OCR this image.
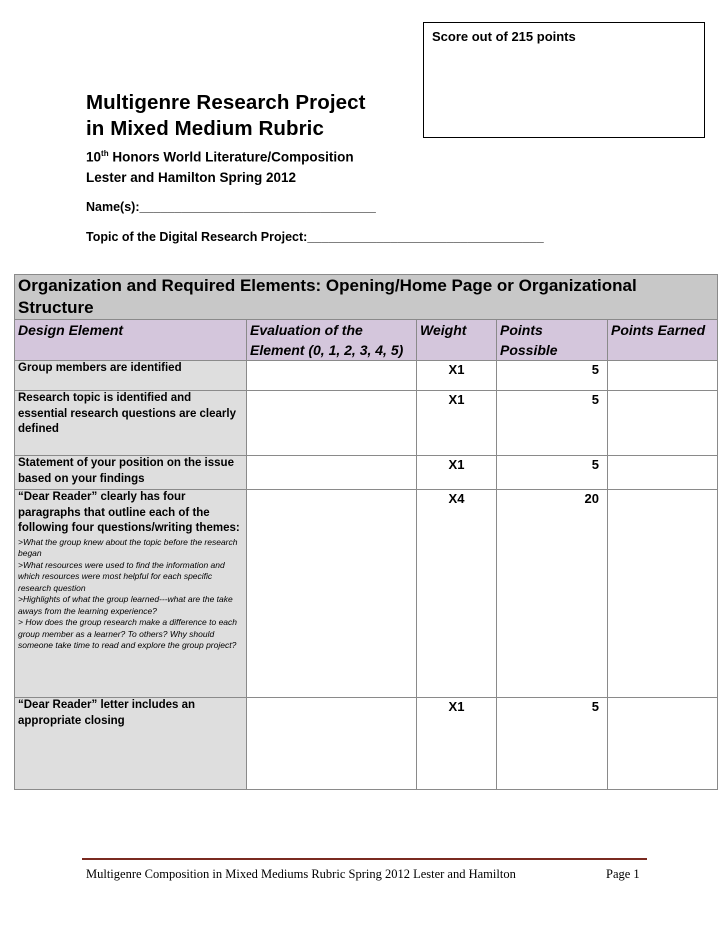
Score out of 215 points
Multigenre Research Project
in Mixed Medium Rubric
10th Honors World Literature/Composition
Lester and Hamilton Spring 2012
Name(s):__________________________________
Topic of the Digital Research Project:__________________________________
Organization and Required Elements: Opening/Home Page or Organizational Structure				
Design Element	Evaluation of the Element (0, 1, 2, 3, 4, 5)	Weight	Points Possible	Points Earned
Group members are identified		X1	5	
Research topic is identified and essential research questions are clearly defined		X1	5	
Statement of your position on the issue based on your findings		X1	5	
“Dear Reader” clearly has four paragraphs that outline each of the following four questions/writing themes:
>What the group knew about the topic before the research began
>What resources were used to find the information and which resources were most helpful for each specific research question
>Highlights of what the group learned---what are the take aways from the learning experience?
> How does the group research make a difference to each group member as a learner? To others? Why should someone take time to read and explore the group project?		X4	20	
“Dear Reader” letter includes an appropriate closing		X1	5	
Multigenre Composition in Mixed Mediums Rubric Spring 2012 Lester and Hamilton	Page 1
